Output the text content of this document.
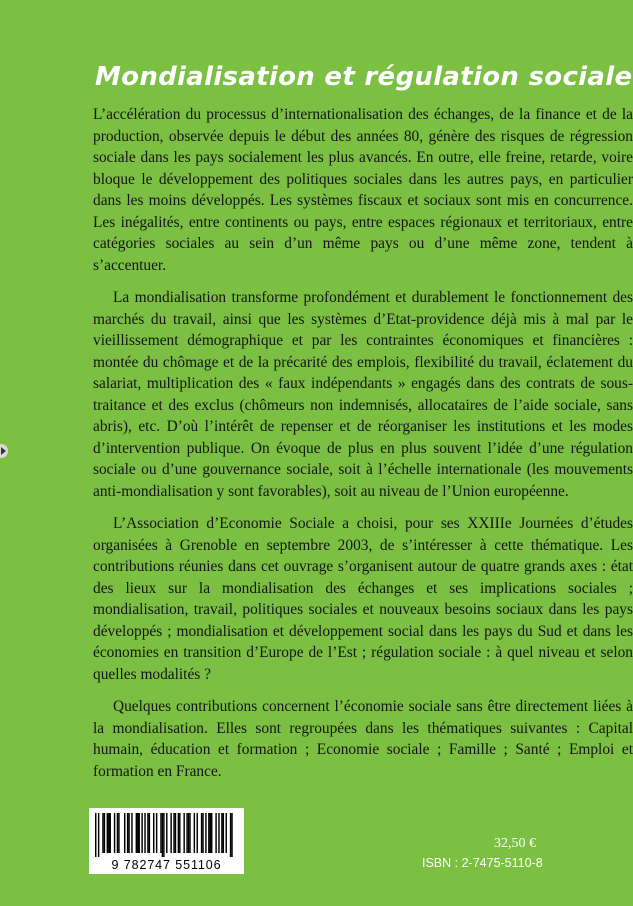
Mondialisation et régulation sociale

L’accélération du processus d’internationalisation des échanges, de la finance et de la production, observée depuis le début des années 80, génère des risques de régression sociale dans les pays socialement les plus avancés. En outre, elle freine, retarde, voire bloque le développement des politiques sociales dans les autres pays, en particulier dans les moins développés. Les systèmes fiscaux et sociaux sont mis en concurrence. Les inégalités, entre continents ou pays, entre espaces régionaux et territoriaux, entre catégories sociales au sein d’un même pays ou d’une même zone, tendent à s’accentuer.

La mondialisation transforme profondément et durablement le fonctionnement des marchés du travail, ainsi que les systèmes d’Etat-providence déjà mis à mal par le vieillissement démographique et par les contraintes économiques et financières : montée du chômage et de la précarité des emplois, flexibilité du travail, éclatement du salariat, multiplication des « faux indépendants » engagés dans des contrats de sous-traitance et des exclus (chômeurs non indemnisés, allocataires de l’aide sociale, sans abris), etc. D’où l’intérêt de repenser et de réorganiser les institutions et les modes d’intervention publique. On évoque de plus en plus souvent l’idée d’une régulation sociale ou d’une gouvernance sociale, soit à l’échelle internationale (les mouvements anti-mondialisation y sont favorables), soit au niveau de l’Union européenne.

L’Association d’Economie Sociale a choisi, pour ses XXIIIe Journées d’études organisées à Grenoble en septembre 2003, de s’intéresser à cette thématique. Les contributions réunies dans cet ouvrage s’organisent autour de quatre grands axes : état des lieux sur la mondialisation des échanges et ses implications sociales ; mondialisation, travail, politiques sociales et nouveaux besoins sociaux dans les pays développés ; mondialisation et développement social dans les pays du Sud et dans les économies en transition d’Europe de l’Est ; régulation sociale : à quel niveau et selon quelles modalités ?

Quelques contributions concernent l’économie sociale sans être directement liées à la mondialisation. Elles sont regroupées dans les thématiques suivantes : Capital humain, éducation et formation ; Economie sociale ; Famille ; Santé ; Emploi et formation en France.

9 782747 551106
32,50 €
ISBN : 2-7475-5110-8
